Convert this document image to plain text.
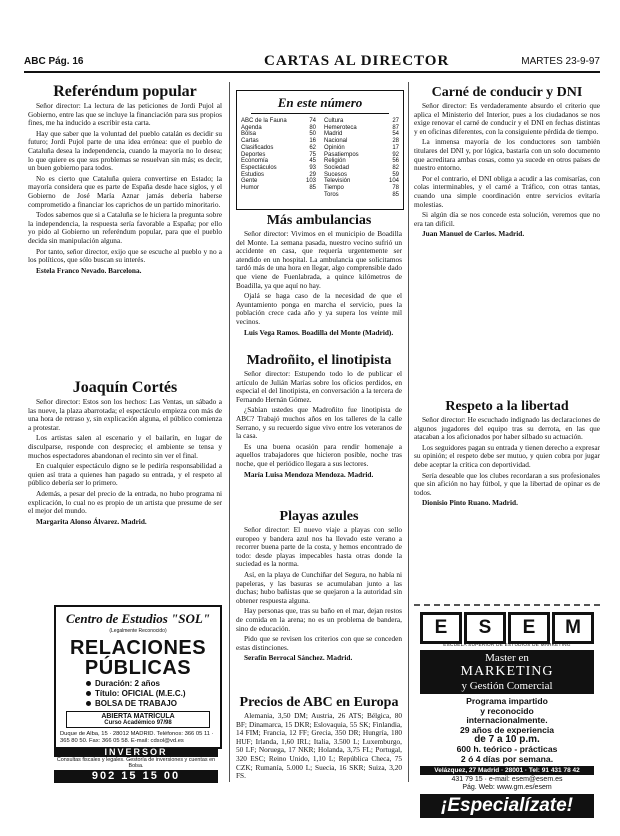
ABC Pág. 16	CARTAS AL DIRECTOR	MARTES 23-9-97
Referéndum popular

Señor director: La lectura de las peticiones de Jordi Pujol al Gobierno, entre las que se incluye la financiación para sus propios fines, me ha inducido a escribir esta carta.

Hay que saber que la voluntad del pueblo catalán es decidir su futuro; Jordi Pujol parte de una idea errónea: que el pueblo de Cataluña desea la independencia, cuando la mayoría no lo desea; lo que quiere es que sus problemas se resuelvan sin más; es decir, un buen gobierno para todos.

No es cierto que Cataluña quiera convertirse en Estado; la mayoría considera que es parte de España desde hace siglos, y el Gobierno de José María Aznar jamás debería haberse comprometido a financiar los caprichos de un partido minoritario.

Todos sabemos que si a Cataluña se le hiciera la pregunta sobre la independencia, la respuesta sería favorable a España; por ello yo pido al Gobierno un referéndum popular, para que el pueblo decida sin manipulación alguna.

Por tanto, señor director, exijo que se escuche al pueblo y no a los políticos, que sólo buscan su interés.

Estela Franco Nevado. Barcelona.

Joaquín Cortés

Señor director: Estos son los hechos: Las Ventas, un sábado a las nueve, la plaza abarrotada; el espectáculo empieza con más de una hora de retraso y, sin explicación alguna, el público comienza a protestar.

Los artistas salen al escenario y el bailarín, en lugar de disculparse, responde con desprecio; el ambiente se tensa y muchos espectadores abandonan el recinto sin ver el final.

En cualquier espectáculo digno se le pediría responsabilidad a quien así trata a quienes han pagado su entrada, y el respeto al público debería ser lo primero.

Además, a pesar del precio de la entrada, no hubo programa ni explicación, lo cual no es propio de un artista que presume de ser el mejor del mundo.

Margarita Alonso Álvarez. Madrid.

Centro de Estudios "SOL"
(Legalmente Reconocido)
RELACIONES PÚBLICAS
Duración: 2 años
Título: OFICIAL (M.E.C.)
BOLSA DE TRABAJO
ABIERTA MATRÍCULA
Curso Académico 97/98
Duque de Alba, 15 · 28012 MADRID. Teléfonos: 366 05 11 · 365 80 50. Fax: 366 05 58. E-mail: cdsol@vd.es
INVERSOR
Consultas fiscales y legales. Gestoría de inversiones y cuentas en Bolsa.
902 15 15 00
En este número
ABC de la Fauna	74
Agenda	80
Bolsa	50
Cartas	16
Clasificados	62
Deportes	75
Economía	45
Espectáculos	93
Estudios	29
Gente	103
Humor	85
Cultura	27
Hemeroteca	87
Madrid	54
Nacional	28
Opinión	17
Pasatiempos	92
Religión	56
Sociedad	82
Sucesos	59
Televisión	104
Tiempo	78
Toros	85
Más ambulancias

Señor director: Vivimos en el municipio de Boadilla del Monte. La semana pasada, nuestro vecino sufrió un accidente en casa, que requería urgentemente ser atendido en un hospital. La ambulancia que solicitamos tardó más de una hora en llegar, algo comprensible dado que viene de Fuenlabrada, a quince kilómetros de Boadilla, ya que aquí no hay.

Ojalá se haga caso de la necesidad de que el Ayuntamiento ponga en marcha el servicio, pues la población crece cada año y ya supera los veinte mil vecinos.

Luis Vega Ramos. Boadilla del Monte (Madrid).

Madroñito, el linotipista

Señor director: Estupendo todo lo de publicar el artículo de Julián Marías sobre los oficios perdidos, en especial el del linotipista, en conversación a la tercera de Fernando Hernán Gómez.

¿Sabían ustedes que Madroñito fue linotipista de ABC? Trabajó muchos años en los talleres de la calle Serrano, y su recuerdo sigue vivo entre los veteranos de la casa.

Es una buena ocasión para rendir homenaje a aquellos trabajadores que hicieron posible, noche tras noche, que el periódico llegara a sus lectores.

María Luisa Mendoza Mendoza. Madrid.

Playas azules

Señor director: El nuevo viaje a playas con sello europeo y bandera azul nos ha llevado este verano a recorrer buena parte de la costa, y hemos encontrado de todo: desde playas impecables hasta otras donde la suciedad es la norma.

Así, en la playa de Cunchiñar del Segura, no había ni papeleras, y las basuras se acumulaban junto a las duchas; hubo bañistas que se quejaron a la autoridad sin obtener respuesta alguna.

Hay personas que, tras su baño en el mar, dejan restos de comida en la arena; no es un problema de bandera, sino de educación.

Pido que se revisen los criterios con que se conceden estas distinciones.

Serafín Berrocal Sánchez. Madrid.

Precios de ABC en Europa

Alemania, 3,50 DM; Austria, 26 ATS; Bélgica, 80 BF; Dinamarca, 15 DKR; Eslovaquia, 55 SK; Finlandia, 14 FIM; Francia, 12 FF; Grecia, 350 DR; Hungría, 180 HUF; Irlanda, 1,60 IRL; Italia, 3.500 L; Luxemburgo, 50 LF; Noruega, 17 NKR; Holanda, 3,75 FL; Portugal, 320 ESC; Reino Unido, 1,10 L; República Checa, 75 CZK; Rumanía, 5.000 L; Suecia, 16 SKR; Suiza, 3,20 FS.

Carné de conducir y DNI

Señor director: Es verdaderamente absurdo el criterio que aplica el Ministerio del Interior, pues a los ciudadanos se nos exige renovar el carné de conducir y el DNI en fechas distintas y en oficinas diferentes, con la consiguiente pérdida de tiempo.

La inmensa mayoría de los conductores son también titulares del DNI y, por lógica, bastaría con un solo documento que acreditara ambas cosas, como ya sucede en otros países de nuestro entorno.

Por el contrario, el DNI obliga a acudir a las comisarías, con colas interminables, y el carné a Tráfico, con otras tantas, cuando una simple coordinación entre servicios evitaría molestias.

Si algún día se nos concede esta solución, veremos que no era tan difícil.

Juan Manuel de Carlos. Madrid.

Respeto a la libertad

Señor director: He escuchado indignado las declaraciones de algunos jugadores del equipo tras su derrota, en las que atacaban a los aficionados por haber silbado su actuación.

Los seguidores pagan su entrada y tienen derecho a expresar su opinión; el respeto debe ser mutuo, y quien cobra por jugar debe aceptar la crítica con deportividad.

Sería deseable que los clubes recordaran a sus profesionales que sin afición no hay fútbol, y que la libertad de opinar es de todos.

Dionisio Pinto Ruano. Madrid.

E	S	E	M
ESCUELA SUPERIOR DE ESTUDIOS DE MARKETING
Master en
MARKETING
y Gestión Comercial
Programa impartido
y reconocido
internacionalmente.
29 años de experiencia
de 7 a 10 p.m.
600 h. teórico - prácticas
2 ó 4 días por semana.
Velázquez, 27 Madrid · 28001 · Tel: 91 431 78 42
431 79 15 · e-mail: esem@esem.es
Pág. Web: www.gm.es/esem
¡Especialízate!
